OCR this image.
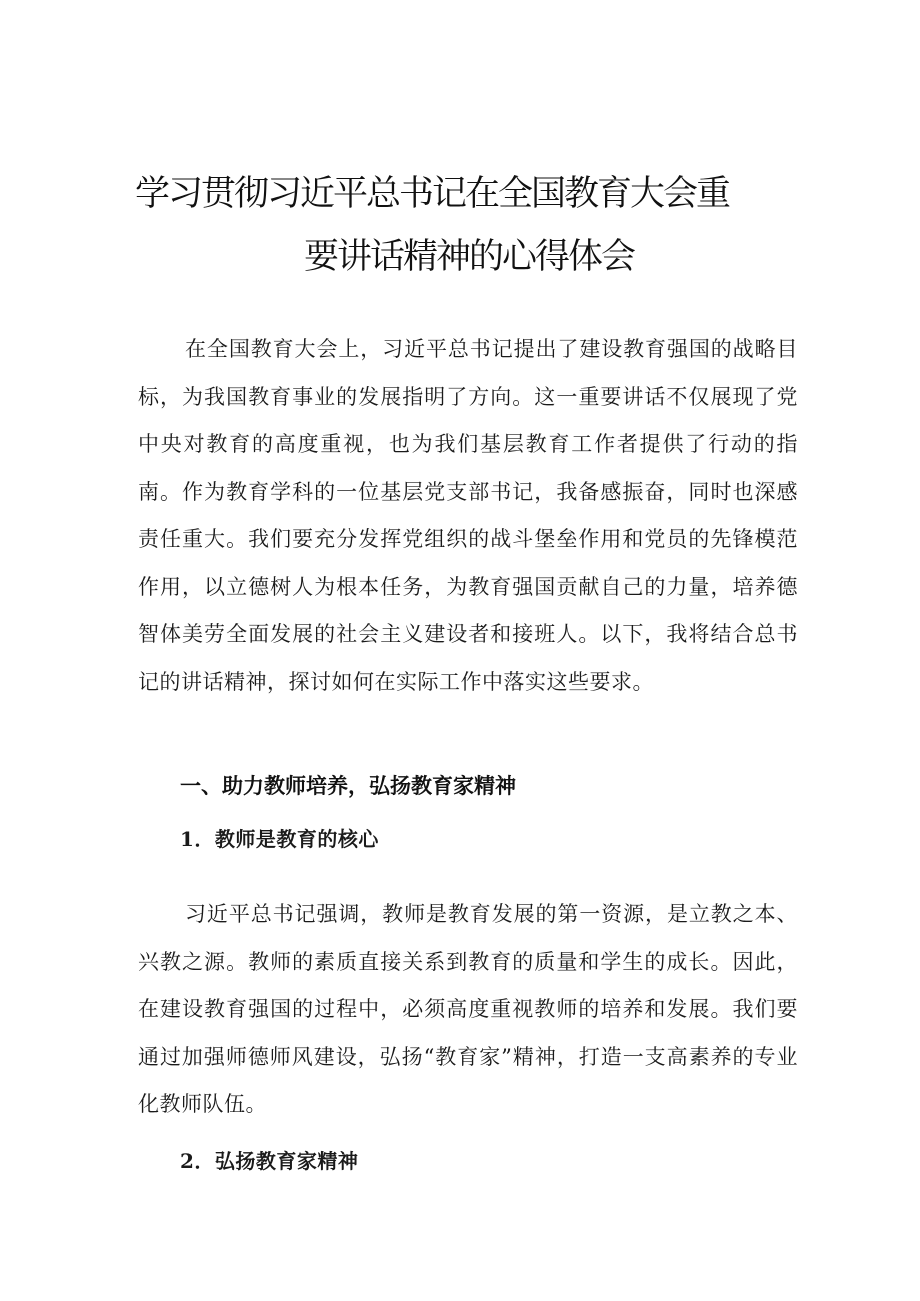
学习贯彻习近平总书记在全国教育大会重
要讲话精神的心得体会

在全国教育大会上，习近平总书记提出了建设教育强国的战略目标，为我国教育事业的发展指明了方向。这一重要讲话不仅展现了党中央对教育的高度重视，也为我们基层教育工作者提供了行动的指南。作为教育学科的一位基层党支部书记，我备感振奋，同时也深感责任重大。我们要充分发挥党组织的战斗堡垒作用和党员的先锋模范作用，以立德树人为根本任务，为教育强国贡献自己的力量，培养德智体美劳全面发展的社会主义建设者和接班人。以下，我将结合总书记的讲话精神，探讨如何在实际工作中落实这些要求。

一、助力教师培养，弘扬教育家精神
1．教师是教育的核心

习近平总书记强调，教师是教育发展的第一资源，是立教之本、兴教之源。教师的素质直接关系到教育的质量和学生的成长。因此，在建设教育强国的过程中，必须高度重视教师的培养和发展。我们要通过加强师德师风建设，弘扬“教育家”精神，打造一支高素养的专业化教师队伍。

2．弘扬教育家精神
